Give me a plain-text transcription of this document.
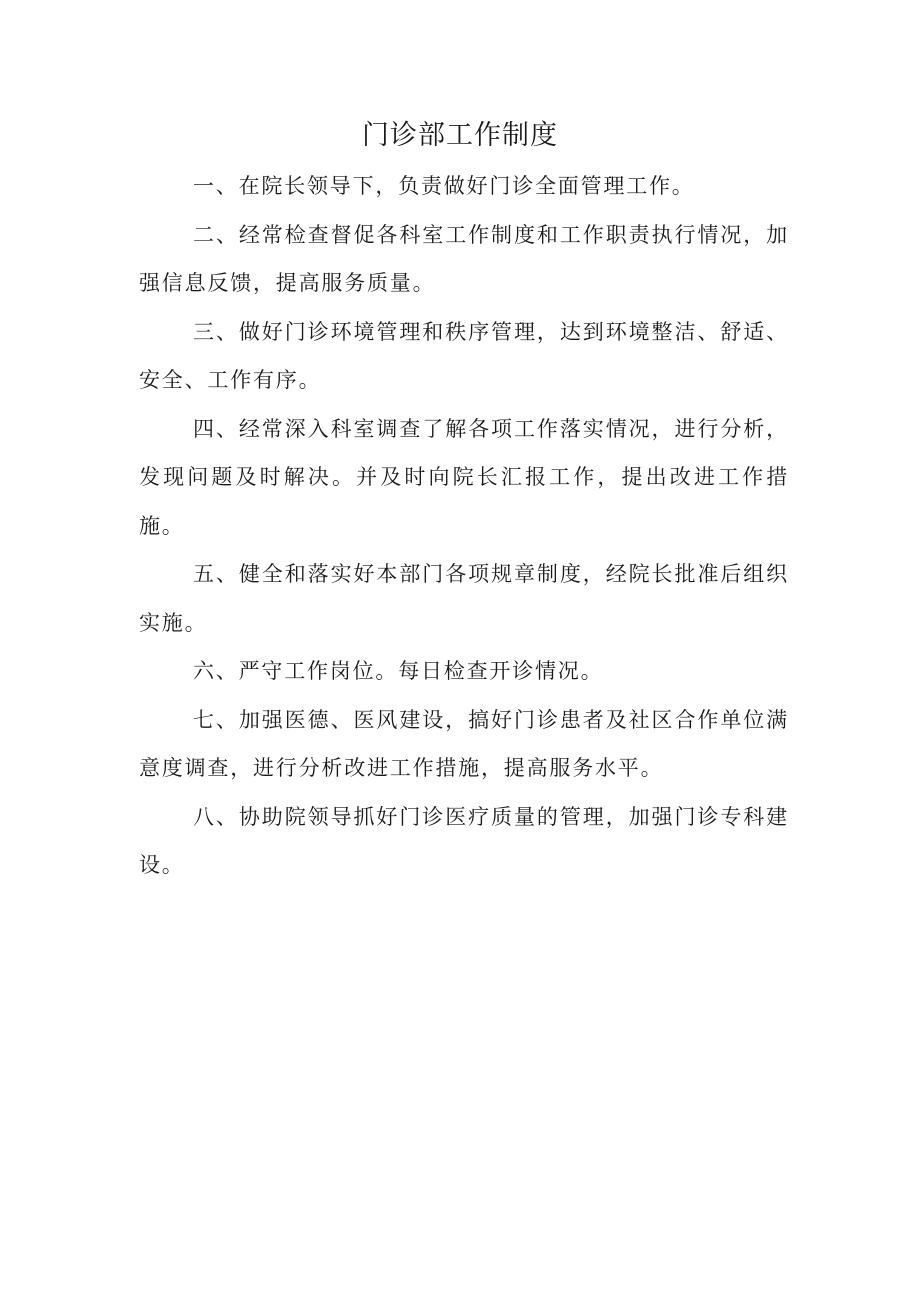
门诊部工作制度

一、在院长领导下，负责做好门诊全面管理工作。

二、经常检查督促各科室工作制度和工作职责执行情况，加强信息反馈，提高服务质量。

三、做好门诊环境管理和秩序管理，达到环境整洁、舒适、安全、工作有序。

四、经常深入科室调查了解各项工作落实情况，进行分析，发现问题及时解决。并及时向院长汇报工作，提出改进工作措施。

五、健全和落实好本部门各项规章制度，经院长批准后组织实施。

六、严守工作岗位。每日检查开诊情况。

七、加强医德、医风建设，搞好门诊患者及社区合作单位满意度调查，进行分析改进工作措施，提高服务水平。

八、协助院领导抓好门诊医疗质量的管理，加强门诊专科建设。
